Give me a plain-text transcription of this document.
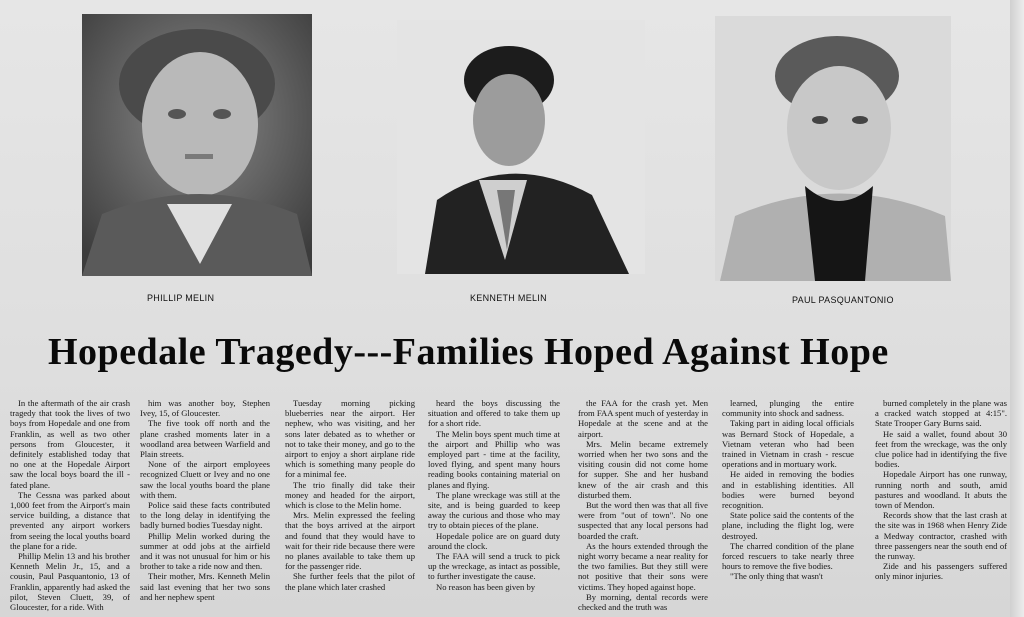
PHILLIP MELIN	KENNETH MELIN	PAUL PASQUANTONIO
Hopedale Tragedy---Families Hoped Against Hope

In the aftermath of the air crash tragedy that took the lives of two boys from Hopedale and one from Franklin, as well as two other persons from Gloucester, it definitely established today that no one at the Hopedale Airport saw the local boys board the ill - fated plane.

The Cessna was parked about 1,000 feet from the Airport's main service building, a distance that prevented any airport workers from seeing the local youths board the plane for a ride.

Phillip Melin 13 and his brother Kenneth Melin Jr., 15, and a cousin, Paul Pasquantonio, 13 of Franklin, apparently had asked the pilot, Steven Cluett, 39, of Gloucester, for a ride. With

him was another boy, Stephen Ivey, 15, of Gloucester.

The five took off north and the plane crashed moments later in a woodland area between Warfield and Plain streets.

None of the airport employees recognized Cluett or Ivey and no one saw the local youths board the plane with them.

Police said these facts contributed to the long delay in identifying the badly burned bodies Tuesday night.

Phillip Melin worked during the summer at odd jobs at the airfield and it was not unusual for him or his brother to take a ride now and then.

Their mother, Mrs. Kenneth Melin said last evening that her two sons and her nephew spent

Tuesday morning picking blueberries near the airport. Her nephew, who was visiting, and her sons later debated as to whether or not to take their money, and go to the airport to enjoy a short airplane ride which is something many people do for a minimal fee.

The trio finally did take their money and headed for the airport, which is close to the Melin home.

Mrs. Melin expressed the feeling that the boys arrived at the airport and found that they would have to wait for their ride because there were no planes available to take them up for the passenger ride.

She further feels that the pilot of the plane which later crashed

heard the boys discussing the situation and offered to take them up for a short ride.

The Melin boys spent much time at the airport and Phillip who was employed part - time at the facility, loved flying, and spent many hours reading books containing material on planes and flying.

The plane wreckage was still at the site, and is being guarded to keep away the curious and those who may try to obtain pieces of the plane.

Hopedale police are on guard duty around the clock.

The FAA will send a truck to pick up the wreckage, as intact as possible, to further investigate the cause.

No reason has been given by

the FAA for the crash yet. Men from FAA spent much of yesterday in Hopedale at the scene and at the airport.

Mrs. Melin became extremely worried when her two sons and the visiting cousin did not come home for supper. She and her husband knew of the air crash and this disturbed them.

But the word then was that all five were from "out of town". No one suspected that any local persons had boarded the craft.

As the hours extended through the night worry became a near reality for the two families. But they still were not positive that their sons were victims. They hoped against hope.

By morning, dental records were checked and the truth was

learned, plunging the entire community into shock and sadness.

Taking part in aiding local officials was Bernard Stock of Hopedale, a Vietnam veteran who had been trained in Vietnam in crash - rescue operations and in mortuary work.

He aided in removing the bodies and in establishing identities. All bodies were burned beyond recognition.

State police said the contents of the plane, including the flight log, were destroyed.

The charred condition of the plane forced rescuers to take nearly three hours to remove the five bodies.

"The only thing that wasn't

burned completely in the plane was a cracked watch stopped at 4:15". State Trooper Gary Burns said.

He said a wallet, found about 30 feet from the wreckage, was the only clue police had in identifying the five bodies.

Hopedale Airport has one runway, running north and south, amid pastures and woodland. It abuts the town of Mendon.

Records show that the last crash at the site was in 1968 when Henry Zide a Medway contractor, crashed with three passengers near the south end of the runway.

Zide and his passengers suffered only minor injuries.
